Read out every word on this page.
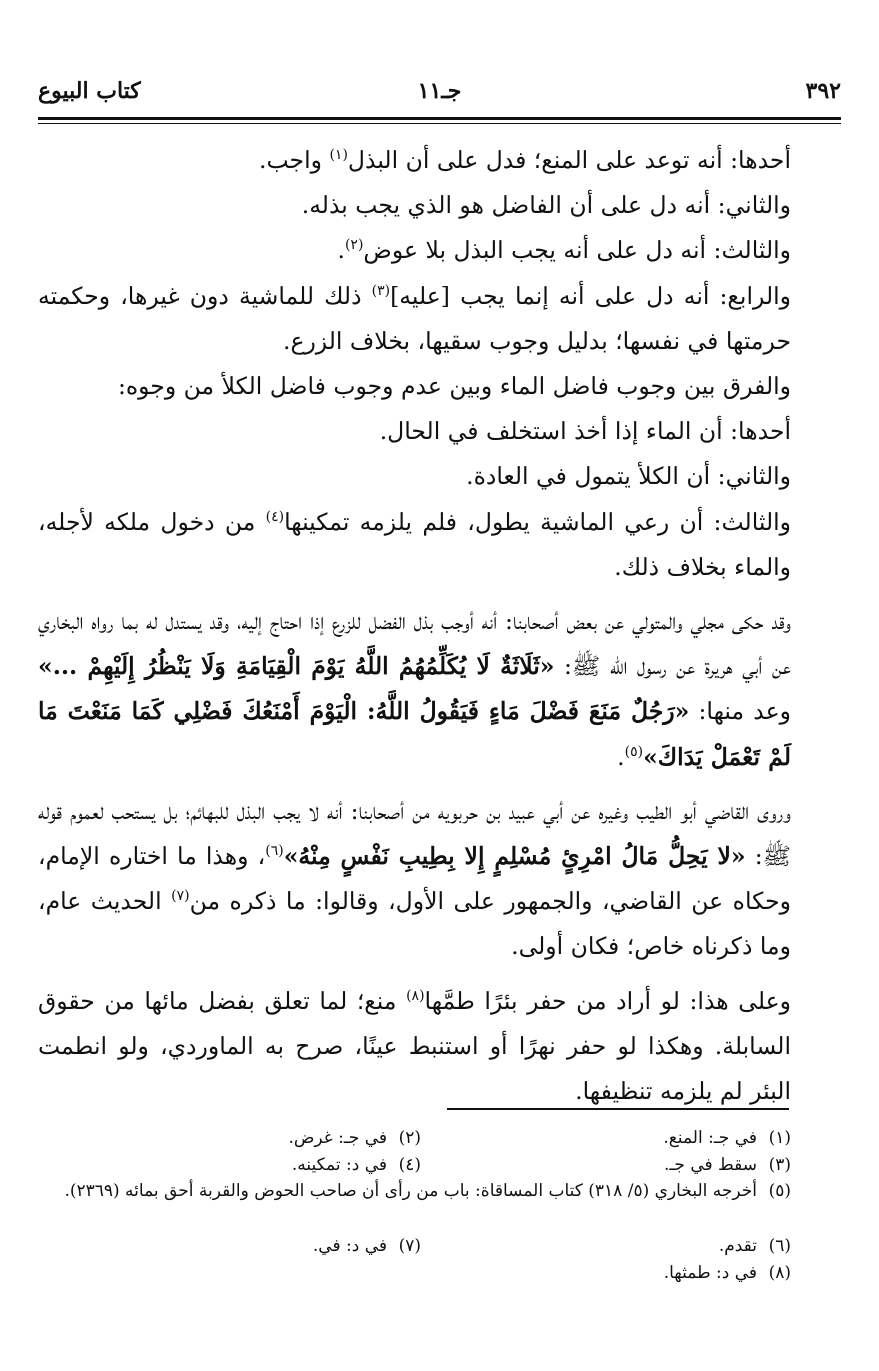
٣٩٢
جـ١١
كتاب البيوع

أحدها: أنه توعد على المنع؛ فدل على أن البذل$^{(١)}$ واجب.

والثاني: أنه دل على أن الفاضل هو الذي يجب بذله.

والثالث: أنه دل على أنه يجب البذل بلا عوض$^{(٢)}$.

والرابع: أنه دل على أنه إنما يجب [عليه]$^{(٣)}$ ذلك للماشية دون غيرها، وحكمته حرمتها في نفسها؛ بدليل وجوب سقيها، بخلاف الزرع.

والفرق بين وجوب فاضل الماء وبين عدم وجوب فاضل الكلأ من وجوه:

أحدها: أن الماء إذا أخذ استخلف في الحال.

والثاني: أن الكلأ يتمول في العادة.

والثالث: أن رعي الماشية يطول، فلم يلزمه تمكينها$^{(٤)}$ من دخول ملكه لأجله، والماء بخلاف ذلك.

وقد حكى مجلي والمتولي عن بعض أصحابنا: أنه أوجب بذل الفضل للزرع إذا احتاج إليه، وقد يستدل له بما رواه البخاري عن أبي هريرة عن رسول الله ﷺ: «ثَلَاثَةٌ لَا يُكَلِّمُهُمُ اللَّهُ يَوْمَ الْقِيَامَةِ وَلَا يَنْظُرُ إِلَيْهِمْ ...» وعد منها: «رَجُلٌ مَنَعَ فَضْلَ مَاءٍ فَيَقُولُ اللَّهُ: الْيَوْمَ أَمْنَعُكَ فَضْلِي كَمَا مَنَعْتَ مَا لَمْ تَعْمَلْ يَدَاكَ»$^{(٥)}$.

وروى القاضي أبو الطيب وغيره عن أبي عبيد بن حربويه من أصحابنا: أنه لا يجب البذل للبهائم؛ بل يستحب لعموم قوله ﷺ: «لا يَحِلُّ مَالُ امْرِئٍ مُسْلِمٍ إِلا بِطِيبِ نَفْسٍ مِنْهُ»$^{(٦)}$، وهذا ما اختاره الإمام، وحكاه عن القاضي، والجمهور على الأول، وقالوا: ما ذكره من$^{(٧)}$ الحديث عام، وما ذكرناه خاص؛ فكان أولى.

وعلى هذا: لو أراد من حفر بئرًا طمَّها$^{(٨)}$ منع؛ لما تعلق بفضل مائها من حقوق السابلة. وهكذا لو حفر نهرًا أو استنبط عينًا، صرح به الماوردي، ولو انطمت البئر لم يلزمه تنظيفها.

(١)في جـ: المنع.
(٢)في جـ: غرض.
(٣)سقط في جـ.
(٤)في د: تمكينه.
(٥)أخرجه البخاري (٥/ ٣١٨) كتاب المساقاة: باب من رأى أن صاحب الحوض والقربة أحق بمائه (٢٣٦٩).
(٦)تقدم.
(٧)في د: في.
(٨)في د: طمثها.
